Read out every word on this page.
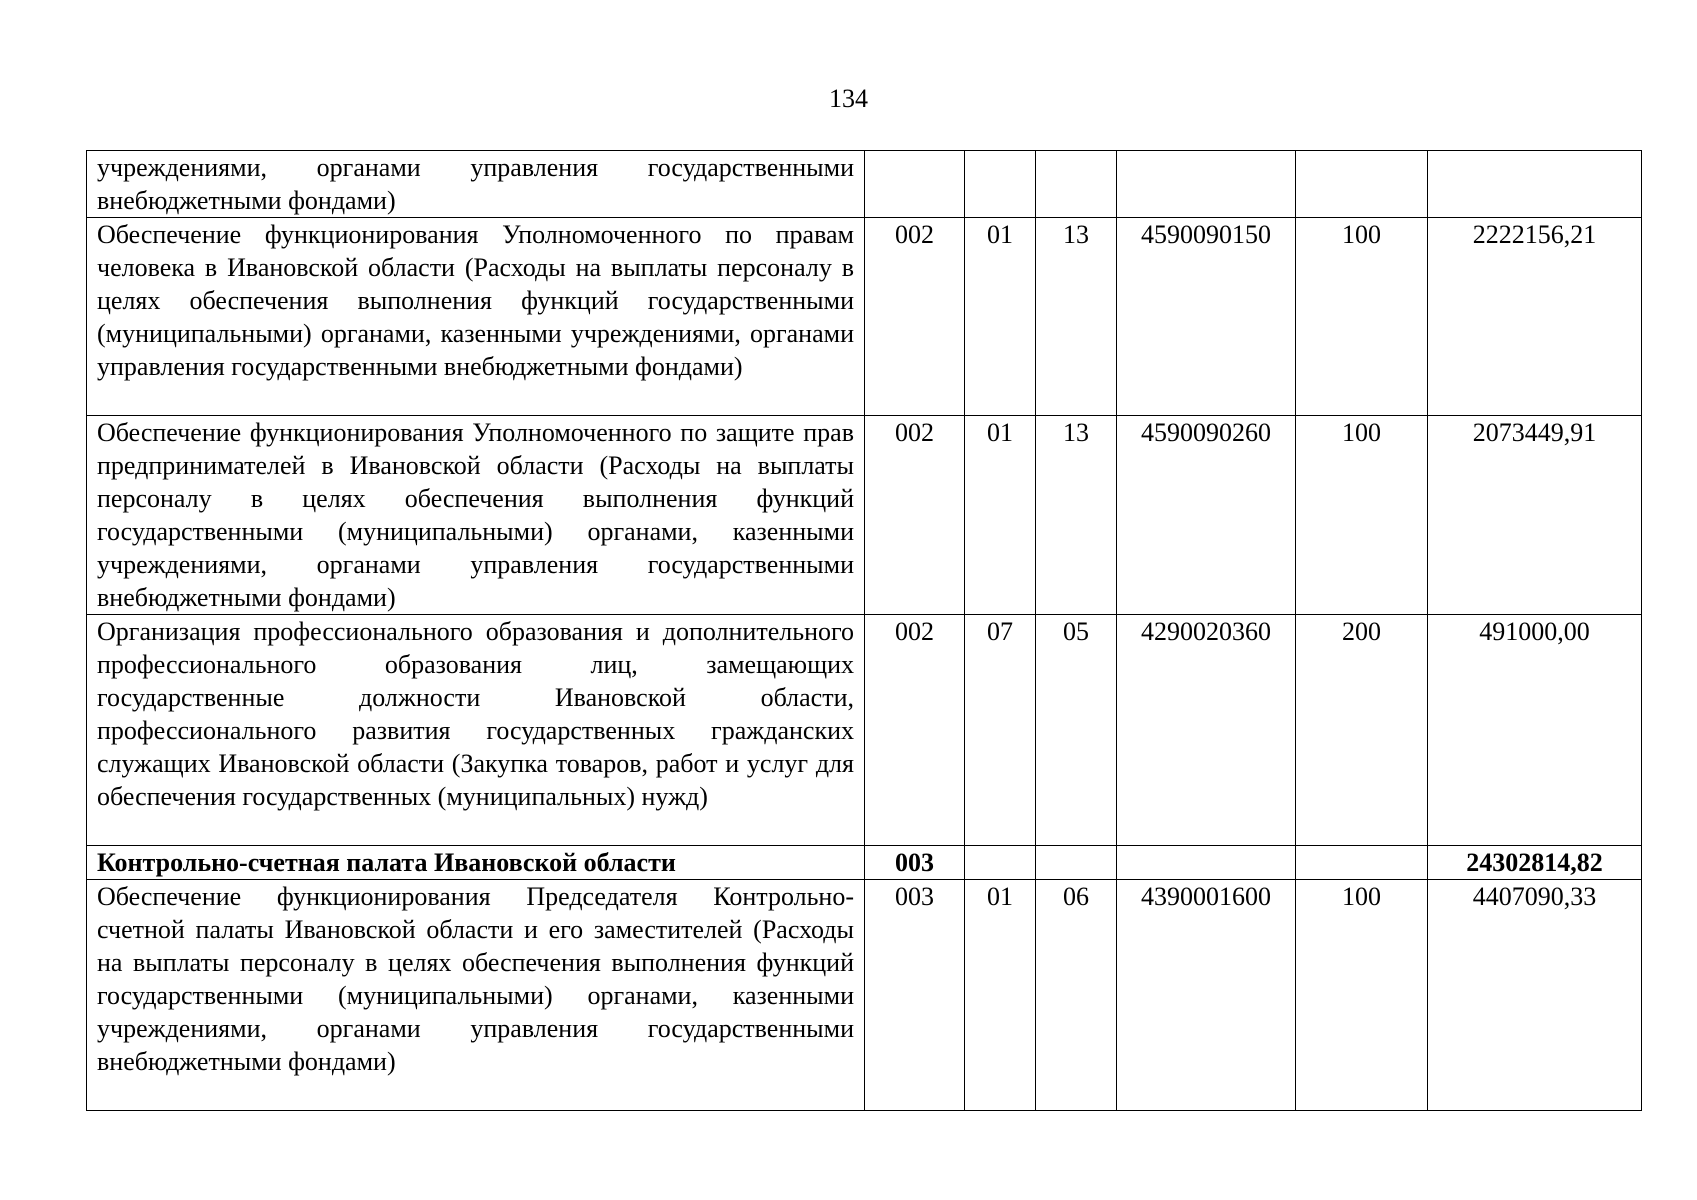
134
учреждениями, органами управления государственными внебюджетными фондами)						
Обеспечение функционирования Уполномоченного по правам человека в Ивановской области (Расходы на выплаты персоналу в целях обеспечения выполнения функций государственными (муниципальными) органами, казенными учреждениями, органами управления государственными внебюджетными фондами)	002	01	13	4590090150	100	2222156,21
Обеспечение функционирования Уполномоченного по защите прав предпринимателей в Ивановской области (Расходы на выплаты персоналу в целях обеспечения выполнения функций государственными (муниципальными) органами, казенными учреждениями, органами управления государственными внебюджетными фондами)	002	01	13	4590090260	100	2073449,91
Организация профессионального образования и дополнительного профессионального образования лиц, замещающих государственные должности Ивановской области, профессионального развития государственных гражданских служащих Ивановской области (Закупка товаров, работ и услуг для обеспечения государственных (муниципальных) нужд)	002	07	05	4290020360	200	491000,00
Контрольно-счетная палата Ивановской области	003					24302814,82
Обеспечение функционирования Председателя Контрольно-счетной палаты Ивановской области и его заместителей (Расходы на выплаты персоналу в целях обеспечения выполнения функций государственными (муниципальными) органами, казенными учреждениями, органами управления государственными внебюджетными фондами)	003	01	06	4390001600	100	4407090,33
